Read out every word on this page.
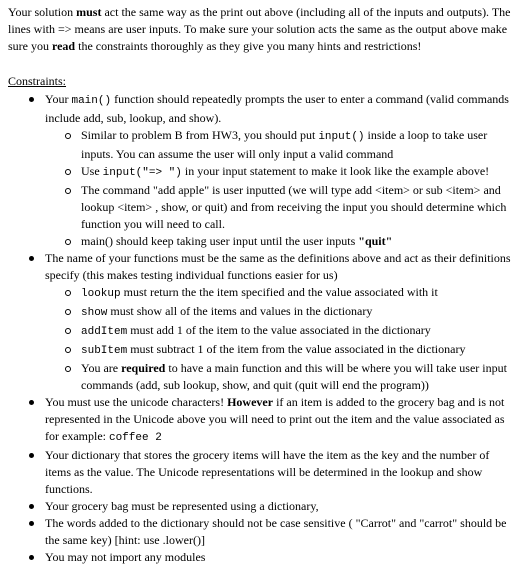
Your solution must act the same way as the print out above (including all of the inputs and outputs). The lines with => means are user inputs. To make sure your solution acts the same as the output above make sure you read the constraints thoroughly as they give you many hints and restrictions!

Constraints:

Your main() function should repeatedly prompts the user to enter a command (valid commands include add, sub, lookup, and show).
Similar to problem B from HW3, you should put input() inside a loop to take user inputs. You can assume the user will only input a valid command
Use input("=> ") in your input statement to make it look like the example above!
The command "add apple" is user inputted (we will type add <item> or sub <item> and lookup <item> , show, or quit) and from receiving the input you should determine which function you will need to call.
main() should keep taking user input until the user inputs "quit"
The name of your functions must be the same as the definitions above and act as their definitions specify (this makes testing individual functions easier for us)
lookup must return the the item specified and the value associated with it
show must show all of the items and values in the dictionary
addItem must add 1 of the item to the value associated in the dictionary
subItem must subtract 1 of the item from the value associated in the dictionary
You are required to have a main function and this will be where you will take user input commands (add, sub lookup, show, and quit (quit will end the program))
You must use the unicode characters! However if an item is added to the grocery bag and is not represented in the Unicode above you will need to print out the item and the value associated as for example: coffee 2
Your dictionary that stores the grocery items will have the item as the key and the number of items as the value. The Unicode representations will be determined in the lookup and show functions.
Your grocery bag must be represented using a dictionary,
The words added to the dictionary should not be case sensitive ( "Carrot" and "carrot" should be the same key) [hint: use .lower()]
You may not import any modules
